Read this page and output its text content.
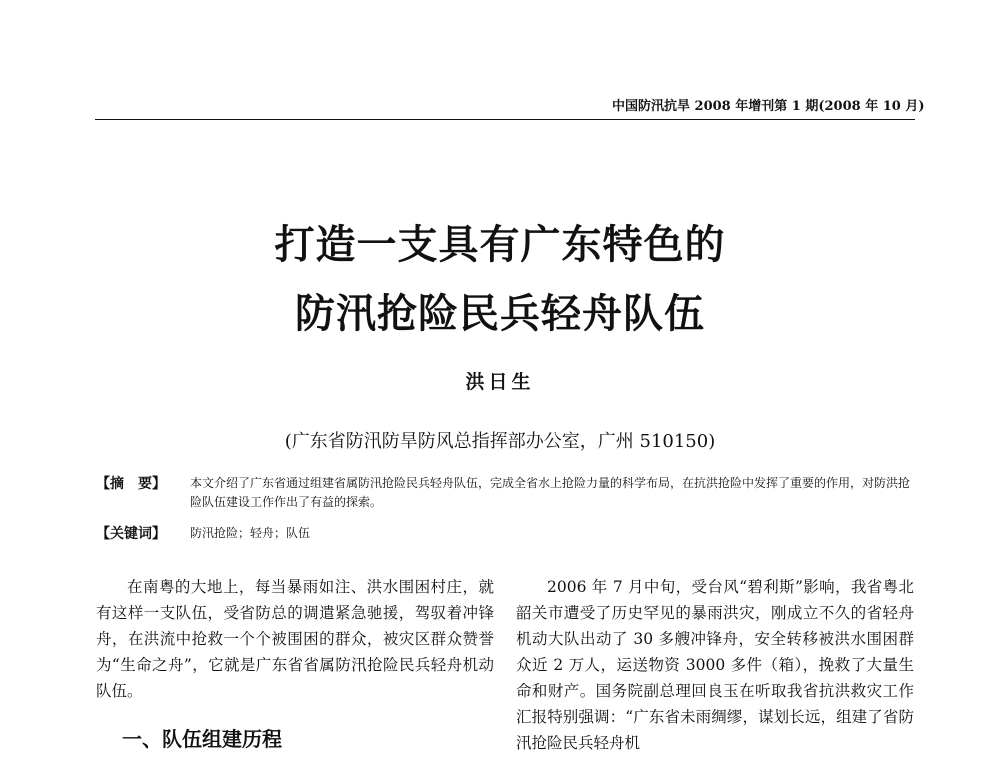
中国防汛抗旱 2008 年增刊第 1 期(2008 年 10 月)
打造一支具有广东特色的
防汛抢险民兵轻舟队伍
洪日生
(广东省防汛防旱防风总指挥部办公室，广州 510150)
【摘　要】 本文介绍了广东省通过组建省属防汛抢险民兵轻舟队伍，完成全省水上抢险力量的科学布局，在抗洪抢险中发挥了重要的作用，对防洪抢险队伍建设工作作出了有益的探索。
【关键词】 防汛抢险；轻舟；队伍

在南粤的大地上，每当暴雨如注、洪水围困村庄，就有这样一支队伍，受省防总的调遣紧急驰援，驾驭着冲锋舟，在洪流中抢救一个个被围困的群众，被灾区群众赞誉为“生命之舟”，它就是广东省省属防汛抢险民兵轻舟机动队伍。

一、队伍组建历程

2006 年 7 月中旬，受台风“碧利斯”影响，我省粤北韶关市遭受了历史罕见的暴雨洪灾，刚成立不久的省轻舟机动大队出动了 30 多艘冲锋舟，安全转移被洪水围困群众近 2 万人，运送物资 3000 多件（箱），挽救了大量生命和财产。国务院副总理回良玉在听取我省抗洪救灾工作汇报特别强调：“广东省未雨绸缪，谋划长远，组建了省防汛抢险民兵轻舟机
